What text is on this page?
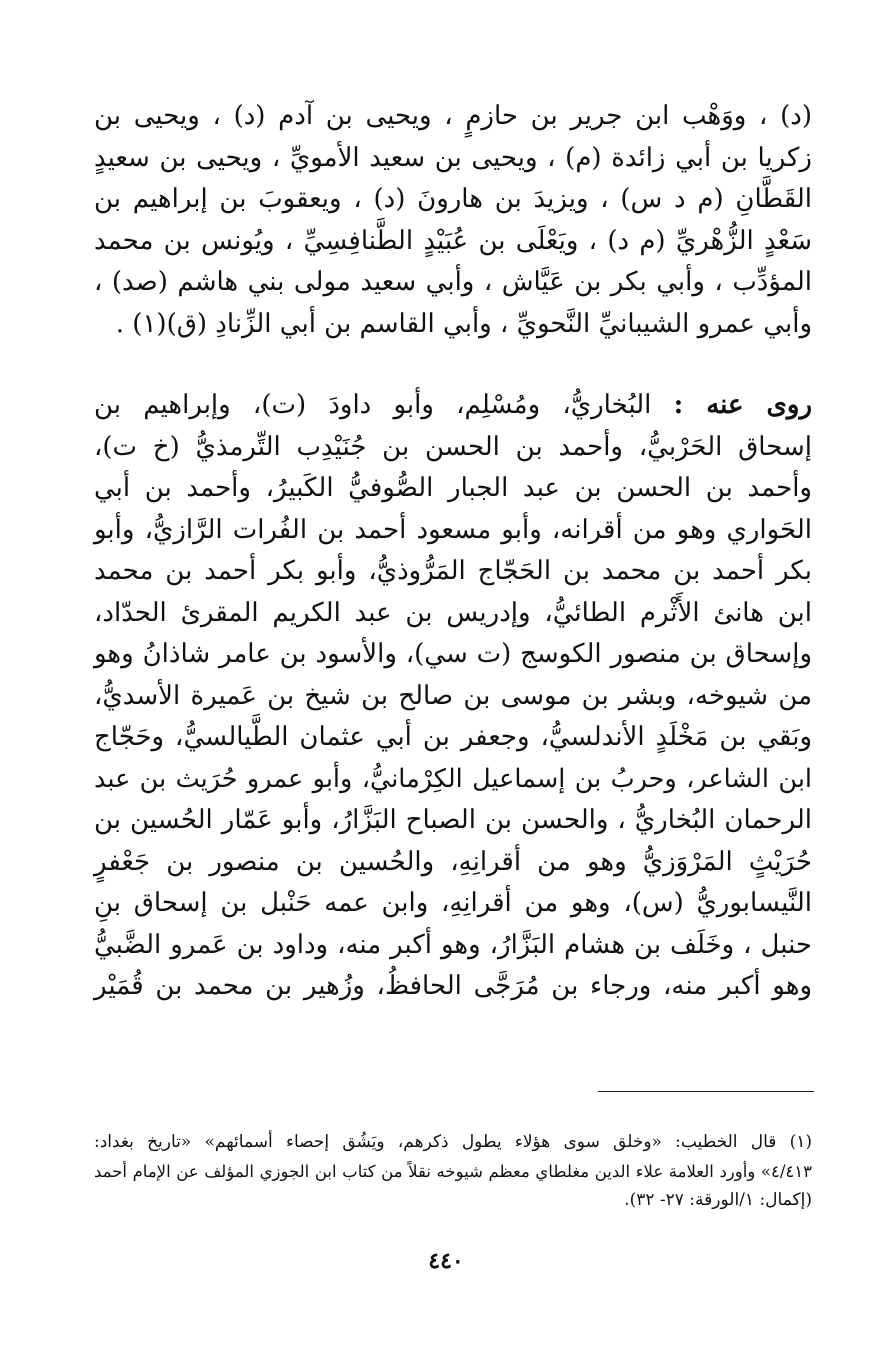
(د) ، ووَهْب ابن جرير بن حازمٍ ، ويحيى بن آدم (د) ، ويحيى بن
زكريا بن أبي زائدة (م) ، ويحيى بن سعيد الأمويِّ ، ويحيى بن سعيدٍ
القَطَّانِ (م د س) ، ويزيدَ بن هارونَ (د) ، ويعقوبَ بن إبراهيم بن
سَعْدٍ الزُّهْريِّ (م د) ، ويَعْلَى بن عُبَيْدٍ الطَّنافِسِيِّ ، ويُونس بن محمد
المؤدِّب ، وأبي بكر بن عَيَّاش ، وأبي سعيد مولى بني هاشم (صد) ،
وأبي عمرو الشيبانيِّ النَّحويِّ ، وأبي القاسم بن أبي الزِّنادِ (ق)(١) .

روى عنه : البُخاريُّ، ومُسْلِم، وأبو داودَ (ت)، وإبراهيم بن
إسحاق الحَرْبيُّ، وأحمد بن الحسن بن جُنَيْدِب التِّرمذيُّ (خ ت)،
وأحمد بن الحسن بن عبد الجبار الصُّوفيُّ الكَبيرُ، وأحمد بن أبي
الحَواري وهو من أقرانه، وأبو مسعود أحمد بن الفُرات الرَّازيُّ، وأبو
بكر أحمد بن محمد بن الحَجّاج المَرُّوذيُّ، وأبو بكر أحمد بن محمد
ابن هانئ الأَثْرم الطائيُّ، وإدريس بن عبد الكريم المقرئ الحدّاد،
وإسحاق بن منصور الكوسج (ت سي)، والأسود بن عامر شاذانُ وهو
من شيوخه، وبشر بن موسى بن صالح بن شيخ بن عَميرة الأسديُّ،
وبَقي بن مَخْلَدٍ الأندلسيُّ، وجعفر بن أبي عثمان الطَّيالسيُّ، وحَجّاج
ابن الشاعر، وحربُ بن إسماعيل الكِرْمانيُّ، وأبو عمرو حُرَيث بن عبد
الرحمان البُخاريُّ ، والحسن بن الصباح البَزَّارُ، وأبو عَمّار الحُسين بن
حُرَيْثٍ المَرْوَزيُّ وهو من أقرانِهِ، والحُسين بن منصور بن جَعْفرٍ
النَّيسابوريُّ (س)، وهو من أقرانِهِ، وابن عمه حَنْبل بن إسحاق بنِ
حنبل ، وخَلَف بن هشام البَزَّارُ، وهو أكبر منه، وداود بن عَمرو الضَّبيُّ
وهو أكبر منه، ورجاء بن مُرَجَّى الحافظُ، وزُهير بن محمد بن قُمَيْر

(١) قال الخطيب: «وخلق سوى هؤلاء يطول ذكرهم، ويَشُق إحصاء أسمائهم» «تاريخ بغداد:
٤/٤١٣» وأورد العلامة علاء الدين مغلطاي معظم شيوخه نقلاً من كتاب ابن الجوزي المؤلف عن الإمام أحمد
(إكمال: ١/الورقة: ٢٧- ٣٢).
٤٤٠
